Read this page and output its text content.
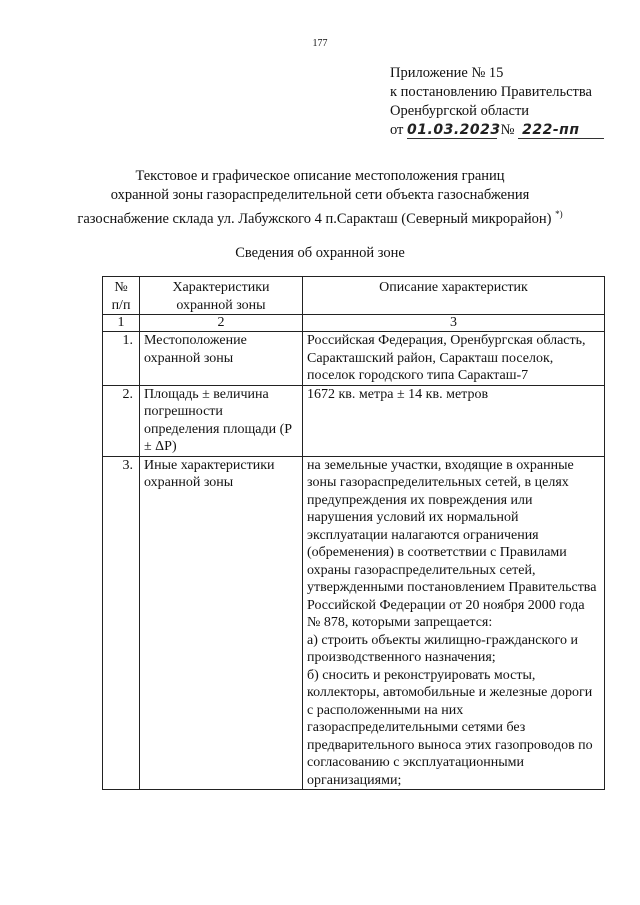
177
Приложение № 15
к постановлению Правительства
Оренбургской области
от 01.03.2023 № 222-пп
Текстовое и графическое описание местоположения границ
охранной зоны газораспределительной сети объекта газоснабжения
газоснабжение склада ул. Лабужского 4 п.Саракташ (Северный микрорайон) *)
Сведения об охранной зоне
№ п/п	Характеристики охранной зоны	Описание характеристик
1	2	3
1.	Местоположение охранной зоны	Российская Федерация, Оренбургская область, Саракташский район, Саракташ поселок, поселок городского типа Саракташ-7
2.	Площадь ± величина погрешности определения площади (P ± ΔP)	1672 кв. метра ± 14 кв. метров
3.	Иные характеристики охранной зоны	на земельные участки, входящие в охранные зоны газораспределительных сетей, в целях предупреждения их повреждения или нарушения условий их нормальной эксплуатации налагаются ограничения (обременения) в соответствии с Правилами охраны газораспределительных сетей, утвержденными постановлением Правительства Российской Федерации от 20 ноября 2000 года № 878, которыми запрещается:
а) строить объекты жилищно-гражданского и производственного назначения;
б) сносить и реконструировать мосты, коллекторы, автомобильные и железные дороги с расположенными на них газораспределительными сетями без предварительного выноса этих газопроводов по согласованию с эксплуатационными организациями;
